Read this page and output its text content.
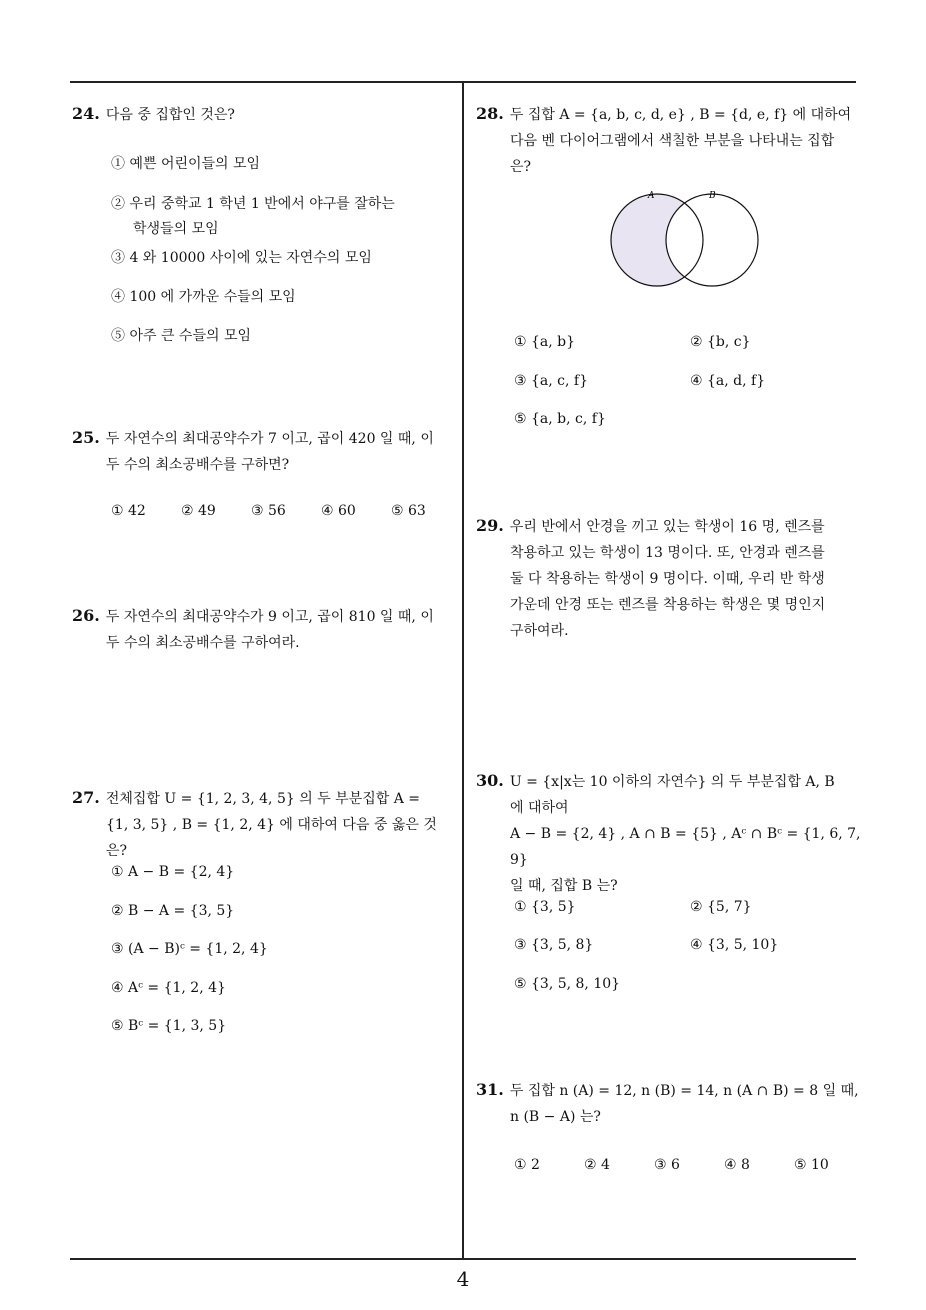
24. 다음 중 집합인 것은?
① 예쁜 어린이들의 모임
② 우리 중학교 1 학년 1 반에서 야구를 잘하는
학생들의 모임
③ 4 와 10000 사이에 있는 자연수의 모임
④ 100 에 가까운 수들의 모임
⑤ 아주 큰 수들의 모임
25. 두 자연수의 최대공약수가 7 이고, 곱이 420 일 때, 이
두 수의 최소공배수를 구하면?
① 42	② 49	③ 56	④ 60	⑤ 63
26. 두 자연수의 최대공약수가 9 이고, 곱이 810 일 때, 이
두 수의 최소공배수를 구하여라.
27. 전체집합 U = {1, 2, 3, 4, 5} 의 두 부분집합 A =
{1, 3, 5} , B = {1, 2, 4} 에 대하여 다음 중 옳은 것은?
① A − B = {2, 4}
② B − A = {3, 5}
③ (A − B)ᶜ = {1, 2, 4}
④ Aᶜ = {1, 2, 4}
⑤ Bᶜ = {1, 3, 5}
28. 두 집합 A = {a, b, c, d, e} , B = {d, e, f} 에 대하여
다음 벤 다이어그램에서 색칠한 부분을 나타내는 집합
은?
A	B
① {a, b}	② {b, c}
③ {a, c, f}	④ {a, d, f}
⑤ {a, b, c, f}
29. 우리 반에서 안경을 끼고 있는 학생이 16 명, 렌즈를
착용하고 있는 학생이 13 명이다. 또, 안경과 렌즈를
둘 다 착용하는 학생이 9 명이다. 이때, 우리 반 학생
가운데 안경 또는 렌즈를 착용하는 학생은 몇 명인지
구하여라.
30. U = {x|x는 10 이하의 자연수} 의 두 부분집합 A, B
에 대하여
A − B = {2, 4} , A ∩ B = {5} , Aᶜ ∩ Bᶜ = {1, 6, 7, 9}
일 때, 집합 B 는?
① {3, 5}	② {5, 7}
③ {3, 5, 8}	④ {3, 5, 10}
⑤ {3, 5, 8, 10}
31. 두 집합 n (A) = 12, n (B) = 14, n (A ∩ B) = 8 일 때,
n (B − A) 는?
① 2	② 4	③ 6	④ 8	⑤ 10
4
